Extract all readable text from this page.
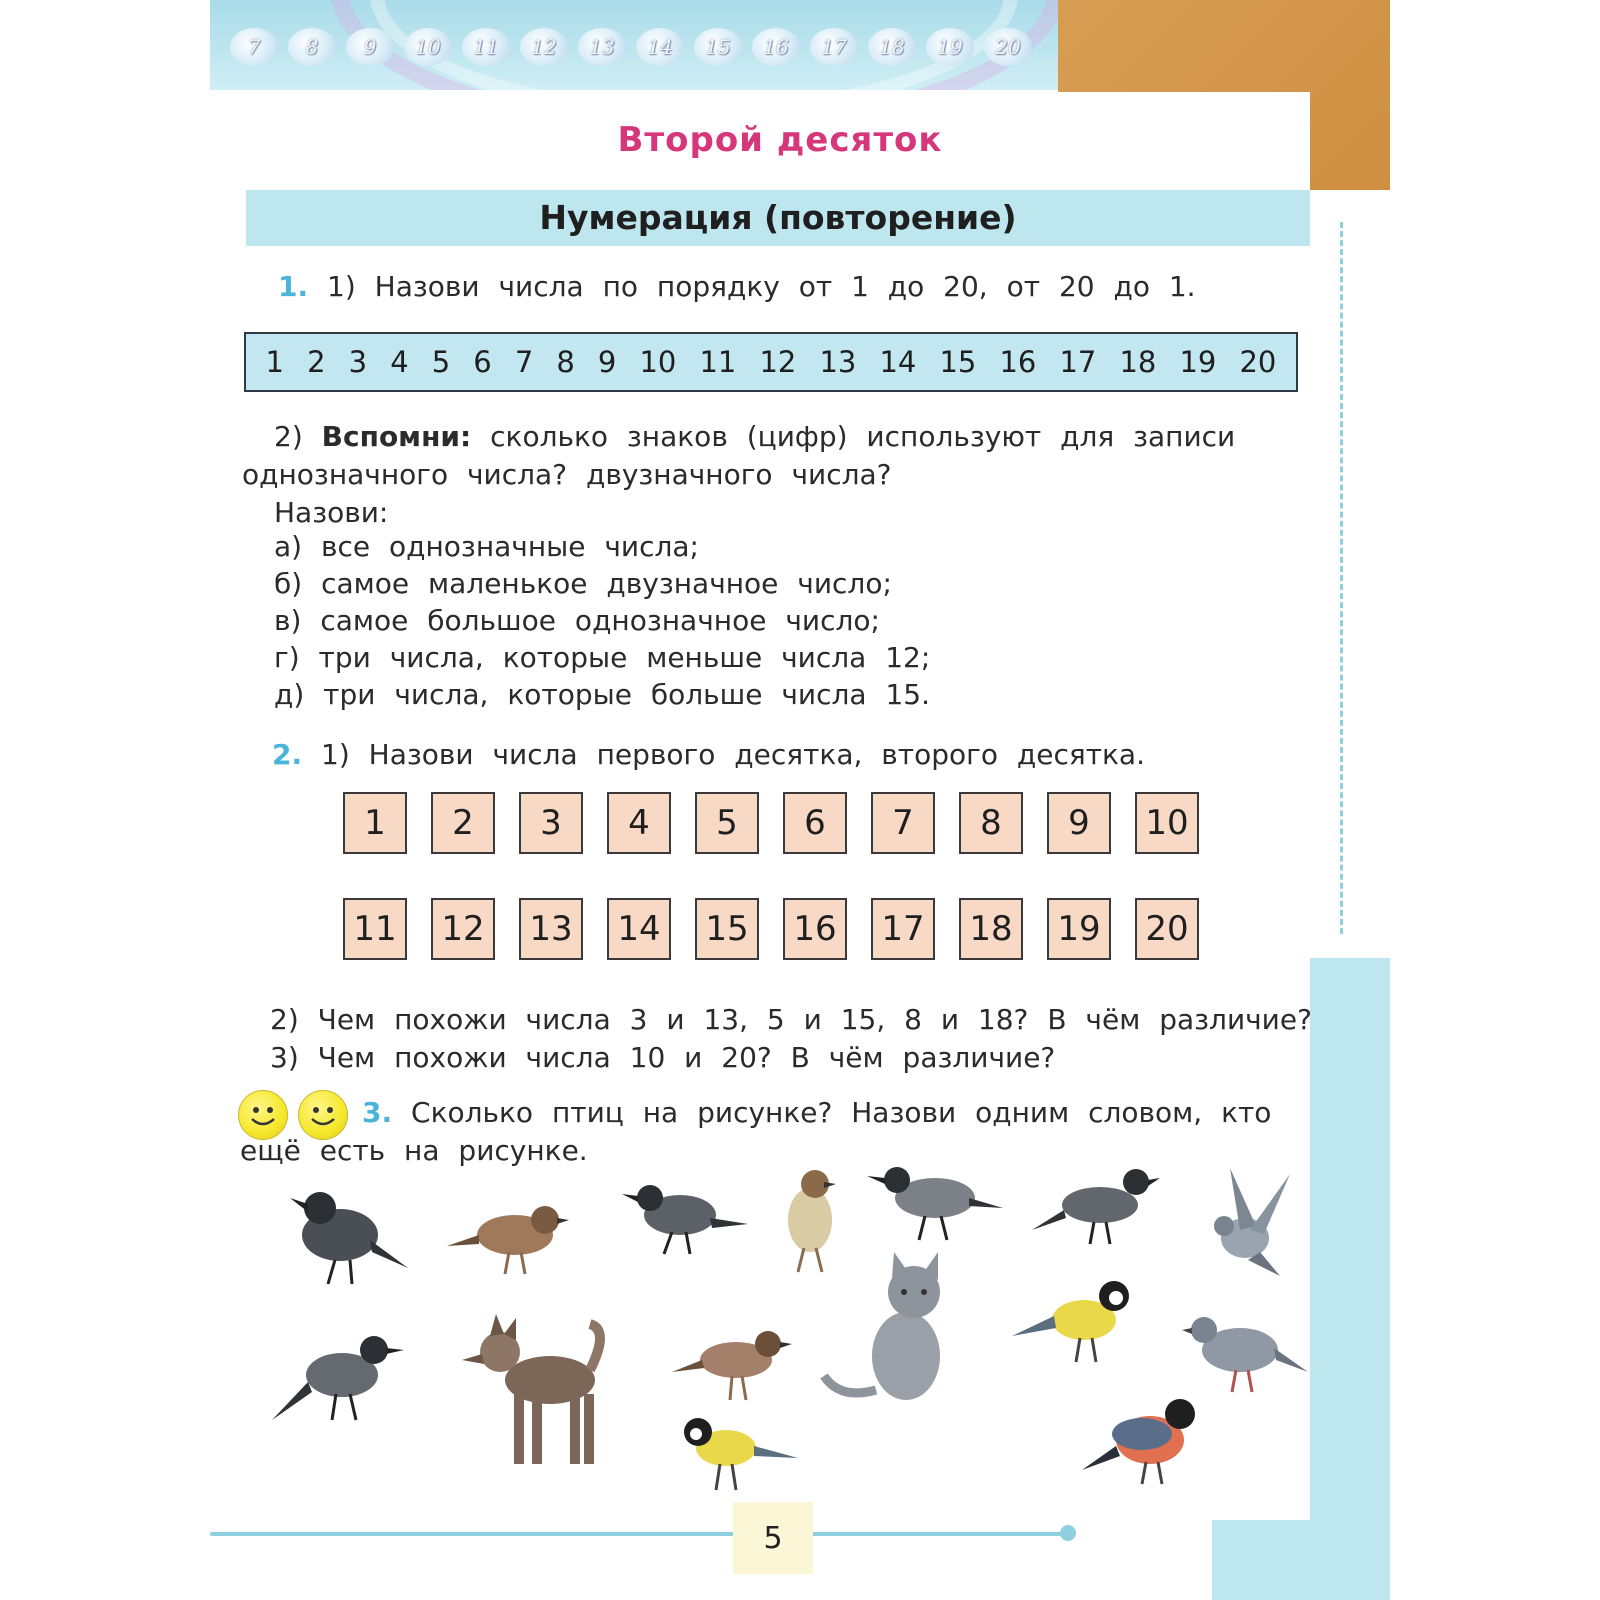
7	8	9	10	11	12	13	14	15	16	17	18	19	20
Второй десяток
Нумерация (повторение)
1. 1) Назови числа по порядку от 1 до 20, от 20 до 1.
1 2 3 4 5 6 7 8 9 10 11 12 13 14 15 16 17 18 19 20
2) Вспомни: сколько знаков (цифр) используют для записи
однозначного числа? двузначного числа?
Назови:
а) все однозначные числа;
б) самое маленькое двузначное число;
в) самое большое однозначное число;
г) три числа, которые меньше числа 12;
д) три числа, которые больше числа 15.
2. 1) Назови числа первого десятка, второго десятка.
1	2	3	4	5	6	7	8	9	10
11	12	13	14	15	16	17	18	19	20
2) Чем похожи числа 3 и 13, 5 и 15, 8 и 18? В чём различие?
3) Чем похожи числа 10 и 20? В чём различие?
3. Сколько птиц на рисунке? Назови одним словом, кто
ещё есть на рисунке.
5
